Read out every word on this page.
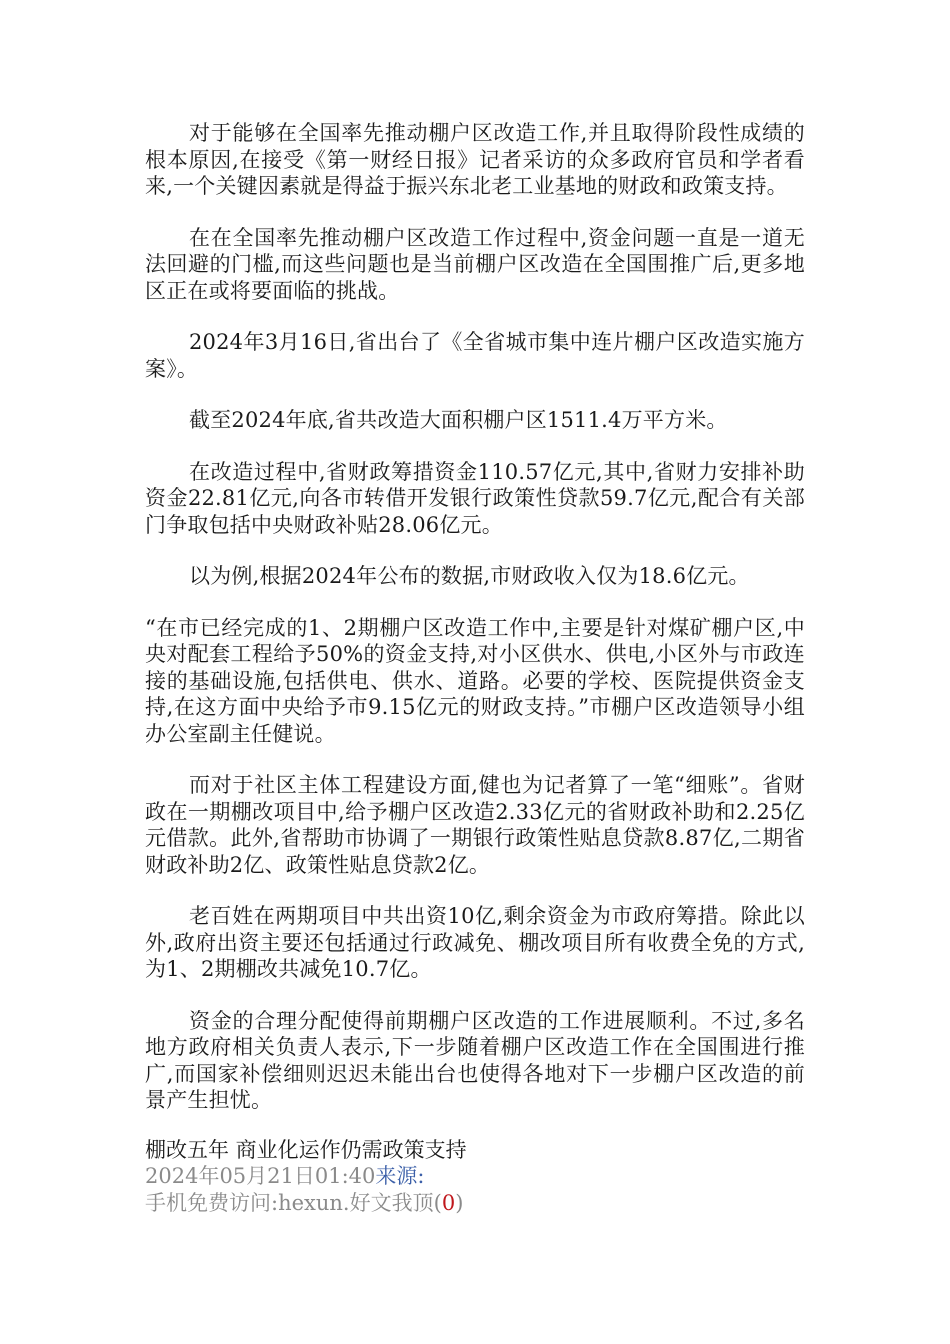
对于能够在全国率先推动棚户区改造工作,并且取得阶段性成绩的根本原因,在接受《第一财经日报》记者采访的众多政府官员和学者看来,一个关键因素就是得益于振兴东北老工业基地的财政和政策支持。

在在全国率先推动棚户区改造工作过程中,资金问题一直是一道无法回避的门槛,而这些问题也是当前棚户区改造在全国围推广后,更多地区正在或将要面临的挑战。

2024年3月16日,省出台了《全省城市集中连片棚户区改造实施方案》。

截至2024年底,省共改造大面积棚户区1511.4万平方米。

在改造过程中,省财政筹措资金110.57亿元,其中,省财力安排补助资金22.81亿元,向各市转借开发银行政策性贷款59.7亿元,配合有关部门争取包括中央财政补贴28.06亿元。

以为例,根据2024年公布的数据,市财政收入仅为18.6亿元。

“在市已经完成的1、2期棚户区改造工作中,主要是针对煤矿棚户区,中央对配套工程给予50%的资金支持,对小区供水、供电,小区外与市政连接的基础设施,包括供电、供水、道路。必要的学校、医院提供资金支持,在这方面中央给予市9.15亿元的财政支持。”市棚户区改造领导小组办公室副主任健说。

而对于社区主体工程建设方面,健也为记者算了一笔“细账”。省财政在一期棚改项目中,给予棚户区改造2.33亿元的省财政补助和2.25亿元借款。此外,省帮助市协调了一期银行政策性贴息贷款8.87亿,二期省财政补助2亿、政策性贴息贷款2亿。

老百姓在两期项目中共出资10亿,剩余资金为市政府筹措。除此以外,政府出资主要还包括通过行政减免、棚改项目所有收费全免的方式,为1、2期棚改共减免10.7亿。

资金的合理分配使得前期棚户区改造的工作进展顺利。不过,多名地方政府相关负责人表示,下一步随着棚户区改造工作在全国围进行推广,而国家补偿细则迟迟未能出台也使得各地对下一步棚户区改造的前景产生担忧。

棚改五年 商业化运作仍需政策支持
2024年05月21日01:40来源:
手机免费访问:hexun.好文我顶(0)
